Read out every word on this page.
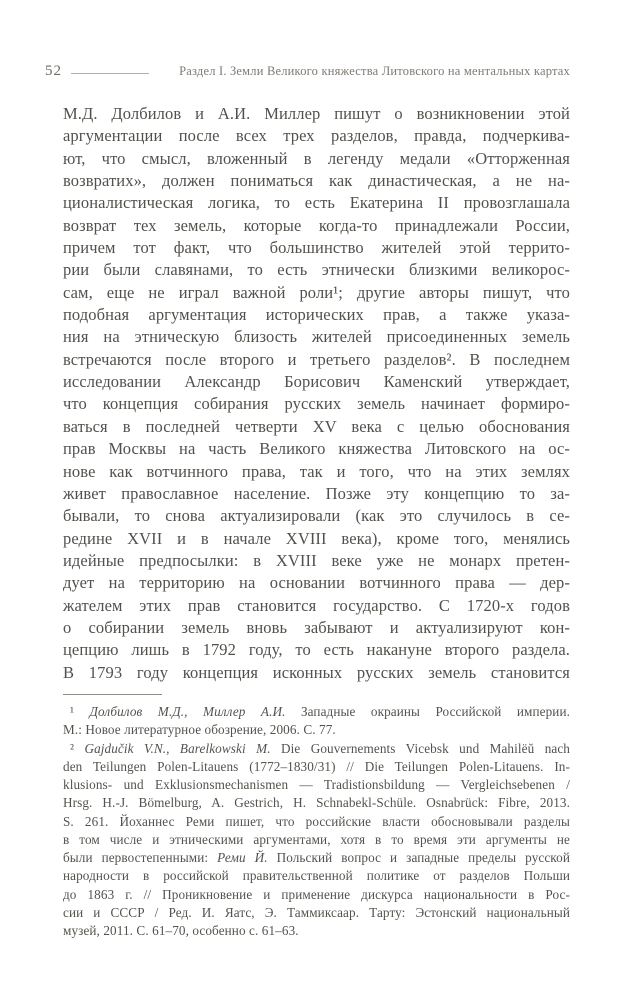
52	Раздел I. Земли Великого княжества Литовского на ментальных картах
М.Д. Долбилов и А.И. Миллер пишут о возникновении этой
аргументации после всех трех разделов, правда, подчеркива-
ют, что смысл, вложенный в легенду медали «Отторженная
возвратих», должен пониматься как династическая, а не на-
ционалистическая логика, то есть Екатерина II провозглашала
возврат тех земель, которые когда-то принадлежали России,
причем тот факт, что большинство жителей этой террито-
рии были славянами, то есть этнически близкими великорос-
сам, еще не играл важной роли¹; другие авторы пишут, что
подобная аргументация исторических прав, а также указа-
ния на этническую близость жителей присоединенных земель
встречаются после второго и третьего разделов². В последнем
исследовании Александр Борисович Каменский утверждает,
что концепция собирания русских земель начинает формиро-
ваться в последней четверти XV века с целью обоснования
прав Москвы на часть Великого княжества Литовского на ос-
нове как вотчинного права, так и того, что на этих землях
живет православное население. Позже эту концепцию то за-
бывали, то снова актуализировали (как это случилось в се-
редине XVII и в начале XVIII века), кроме того, менялись
идейные предпосылки: в XVIII веке уже не монарх претен-
дует на территорию на основании вотчинного права — дер-
жателем этих прав становится государство. С 1720-х годов
о собирании земель вновь забывают и актуализируют кон-
цепцию лишь в 1792 году, то есть накануне второго раздела.
В 1793 году концепция исконных русских земель становится
¹ Долбилов М.Д., Миллер А.И. Западные окраины Российской империи.
М.: Новое литературное обозрение, 2006. С. 77.
² Gajdučik V.N., Barelkowski M. Die Gouvernements Vicebsk und Mahilëŭ nach
den Teilungen Polen-Litauens (1772–1830/31) // Die Teilungen Polen-Litauens. In-
klusions- und Exklusionsmechanismen — Tradistionsbildung — Vergleichsebenen /
Hrsg. H.-J. Bömelburg, A. Gestrich, H. Schnabekl-Schüle. Osnabrück: Fibre, 2013.
S. 261. Йоханнес Реми пишет, что российские власти обосновывали разделы
в том числе и этническими аргументами, хотя в то время эти аргументы не
были первостепенными: Реми Й. Польский вопрос и западные пределы русской
народности в российской правительственной политике от разделов Польши
до 1863 г. // Проникновение и применение дискурса национальности в Рос-
сии и СССР / Ред. И. Яатс, Э. Таммиксаар. Тарту: Эстонский национальный
музей, 2011. С. 61–70, особенно с. 61–63.
